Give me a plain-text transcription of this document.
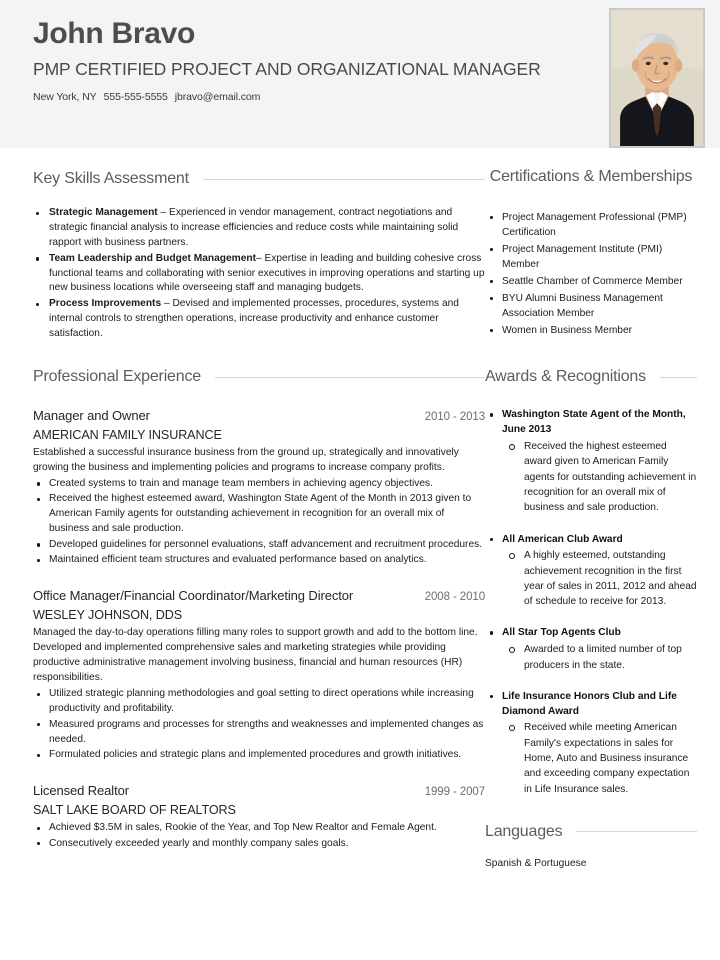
John Bravo
PMP CERTIFIED PROJECT AND ORGANIZATIONAL MANAGER
New York, NY 555-555-5555 jbravo@email.com
Key Skills Assessment
Strategic Management – Experienced in vendor management, contract negotiations and strategic financial analysis to increase efficiencies and reduce costs while maintaining solid rapport with business partners.
Team Leadership and Budget Management– Expertise in leading and building cohesive cross functional teams and collaborating with senior executives in improving operations and starting up new business locations while overseeing staff and managing budgets.
Process Improvements – Devised and implemented processes, procedures, systems and internal controls to strengthen operations, increase productivity and enhance customer satisfaction.
Professional Experience
Manager and Owner	2010 - 2013
AMERICAN FAMILY INSURANCE
Established a successful insurance business from the ground up, strategically and innovatively growing the business and implementing policies and programs to increase company profits.
Created systems to train and manage team members in achieving agency objectives.
Received the highest esteemed award, Washington State Agent of the Month in 2013 given to American Family agents for outstanding achievement in recognition for an overall mix of business and sale production.
Developed guidelines for personnel evaluations, staff advancement and recruitment procedures.
Maintained efficient team structures and evaluated performance based on analytics.
Office Manager/Financial Coordinator/Marketing Director	2008 - 2010
WESLEY JOHNSON, DDS
Managed the day-to-day operations filling many roles to support growth and add to the bottom line. Developed and implemented comprehensive sales and marketing strategies while providing productive administrative management involving business, financial and human resources (HR) responsibilities.
Utilized strategic planning methodologies and goal setting to direct operations while increasing productivity and profitability.
Measured programs and processes for strengths and weaknesses and implemented changes as needed.
Formulated policies and strategic plans and implemented procedures and growth initiatives.
Licensed Realtor	1999 - 2007
SALT LAKE BOARD OF REALTORS
Achieved $3.5M in sales, Rookie of the Year, and Top New Realtor and Female Agent.
Consecutively exceeded yearly and monthly company sales goals.
Certifications & Memberships
Project Management Professional (PMP) Certification
Project Management Institute (PMI) Member
Seattle Chamber of Commerce Member
BYU Alumni Business Management Association Member
Women in Business Member
Awards & Recognitions
Washington State Agent of the Month, June 2013
Received the highest esteemed award given to American Family agents for outstanding achievement in recognition for an overall mix of business and sale production.
All American Club Award
A highly esteemed, outstanding achievement recognition in the first year of sales in 2011, 2012 and ahead of schedule to receive for 2013.
All Star Top Agents Club
Awarded to a limited number of top producers in the state.
Life Insurance Honors Club and Life Diamond Award
Received while meeting American Family's expectations in sales for Home, Auto and Business insurance and exceeding company expectation in Life Insurance sales.
Languages
Spanish & Portuguese
